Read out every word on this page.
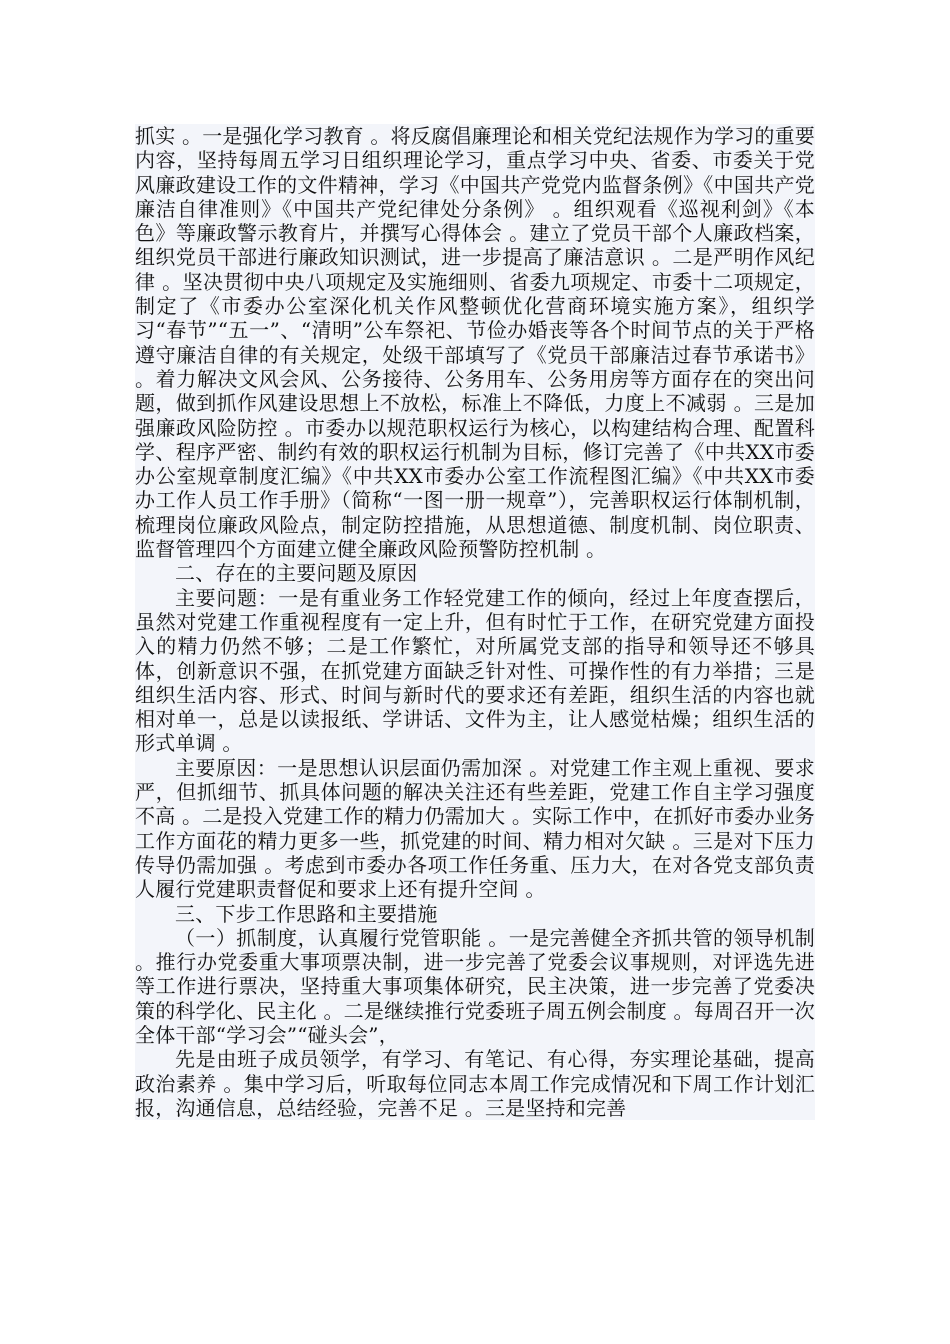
抓实 。一是强化学习教育 。将反腐倡廉理论和相关党纪法规作为学习的重要内容，坚持每周五学习日组织理论学习，重点学习中央、省委、市委关于党风廉政建设工作的文件精神，学习《中国共产党党内监督条例》《中国共产党廉洁自律准则》《中国共产党纪律处分条例》 。组织观看《巡视利剑》《本色》等廉政警示教育片，并撰写心得体会 。建立了党员干部个人廉政档案，组织党员干部进行廉政知识测试，进一步提高了廉洁意识 。二是严明作风纪律 。坚决贯彻中央八项规定及实施细则、省委九项规定、市委十二项规定，制定了《市委办公室深化机关作风整顿优化营商环境实施方案》，组织学习“春节”“五一”、“清明”公车祭祀、节俭办婚丧等各个时间节点的关于严格遵守廉洁自律的有关规定，处级干部填写了《党员干部廉洁过春节承诺书》 。着力解决文风会风、公务接待、公务用车、公务用房等方面存在的突出问题，做到抓作风建设思想上不放松，标准上不降低，力度上不减弱 。三是加强廉政风险防控 。市委办以规范职权运行为核心，以构建结构合理、配置科学、程序严密、制约有效的职权运行机制为目标，修订完善了《中共XX市委办公室规章制度汇编》《中共XX市委办公室工作流程图汇编》《中共XX市委办工作人员工作手册》（简称“一图一册一规章”），完善职权运行体制机制，梳理岗位廉政风险点，制定防控措施，从思想道德、制度机制、岗位职责、监督管理四个方面建立健全廉政风险预警防控机制 。

二、存在的主要问题及原因

主要问题：一是有重业务工作轻党建工作的倾向，经过上年度查摆后，虽然对党建工作重视程度有一定上升，但有时忙于工作，在研究党建方面投入的精力仍然不够；二是工作繁忙，对所属党支部的指导和领导还不够具体，创新意识不强，在抓党建方面缺乏针对性、可操作性的有力举措；三是组织生活内容、形式、时间与新时代的要求还有差距，组织生活的内容也就相对单一，总是以读报纸、学讲话、文件为主，让人感觉枯燥；组织生活的形式单调 。

主要原因：一是思想认识层面仍需加深 。对党建工作主观上重视、要求严，但抓细节、抓具体问题的解决关注还有些差距，党建工作自主学习强度不高 。二是投入党建工作的精力仍需加大 。实际工作中，在抓好市委办业务工作方面花的精力更多一些，抓党建的时间、精力相对欠缺 。三是对下压力传导仍需加强 。考虑到市委办各项工作任务重、压力大，在对各党支部负责人履行党建职责督促和要求上还有提升空间 。

三、下步工作思路和主要措施

（一）抓制度，认真履行党管职能 。一是完善健全齐抓共管的领导机制 。推行办党委重大事项票决制，进一步完善了党委会议事规则，对评选先进等工作进行票决，坚持重大事项集体研究，民主决策，进一步完善了党委决策的科学化、民主化 。二是继续推行党委班子周五例会制度 。每周召开一次全体干部“学习会”“碰头会”，

先是由班子成员领学，有学习、有笔记、有心得，夯实理论基础，提高政治素养 。集中学习后，听取每位同志本周工作完成情况和下周工作计划汇报，沟通信息，总结经验，完善不足 。三是坚持和完善
